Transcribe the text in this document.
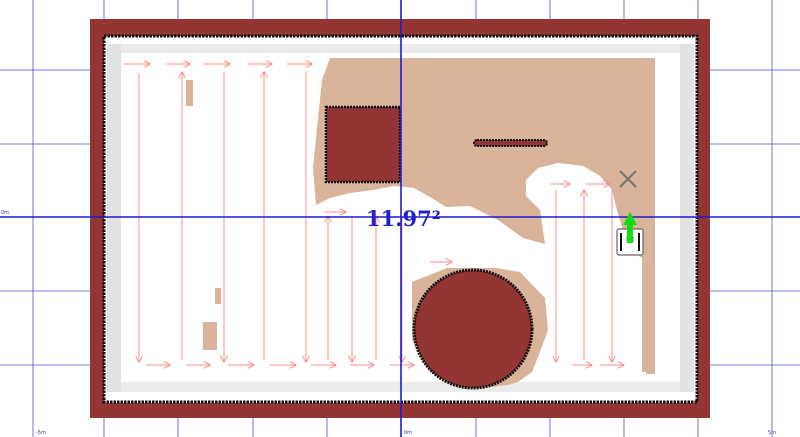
0m
0m
-5m	5m
11.97²
